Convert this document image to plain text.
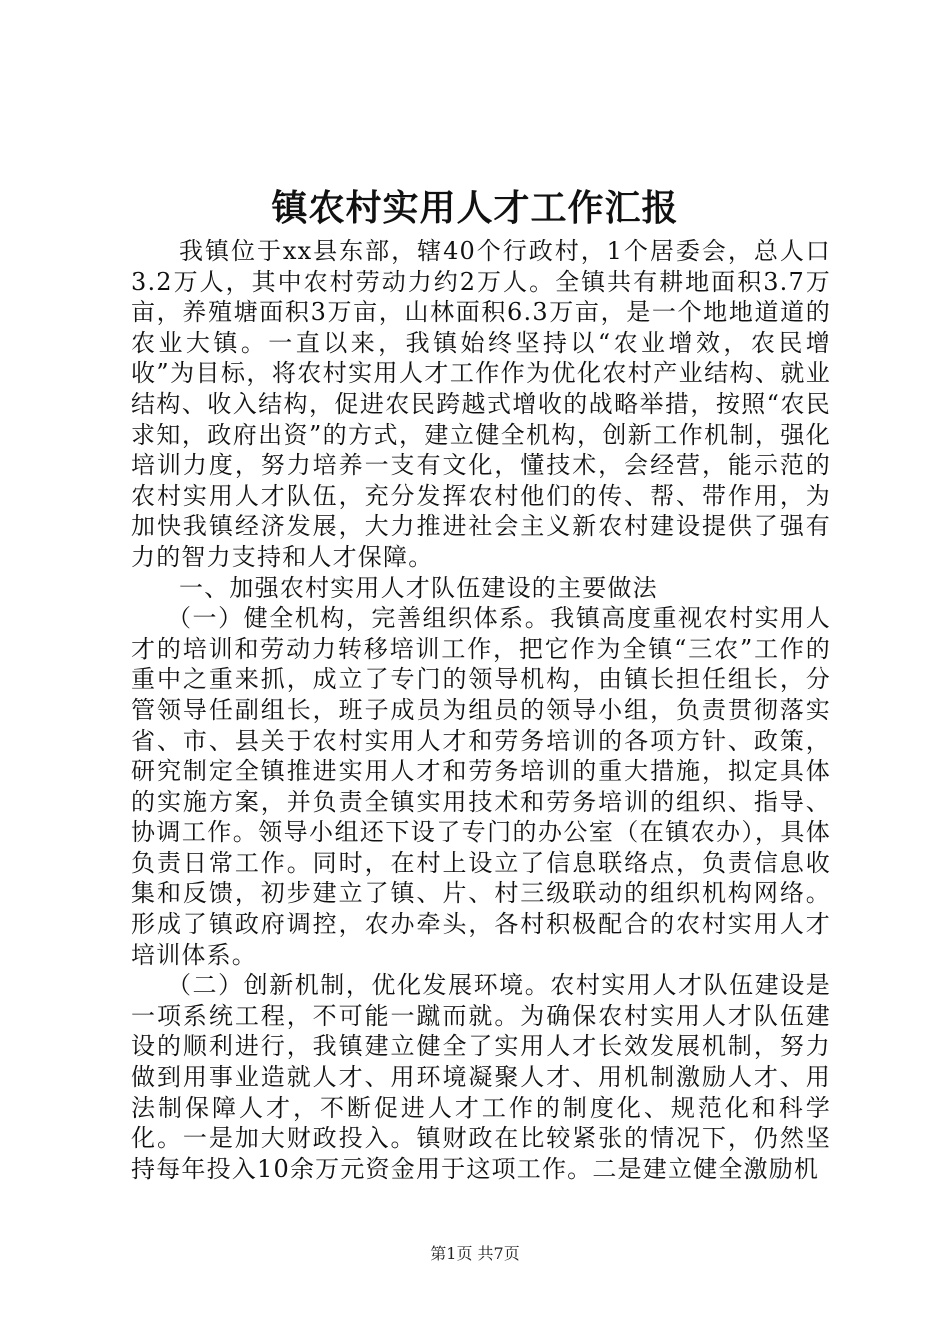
镇农村实用人才工作汇报

我镇位于xx县东部，辖40个行政村，1个居委会，总人口3.2万人，其中农村劳动力约2万人。全镇共有耕地面积3.7万亩，养殖塘面积3万亩，山林面积6.3万亩，是一个地地道道的农业大镇。一直以来，我镇始终坚持以“农业增效，农民增收”为目标，将农村实用人才工作作为优化农村产业结构、就业结构、收入结构，促进农民跨越式增收的战略举措，按照“农民求知，政府出资”的方式，建立健全机构，创新工作机制，强化培训力度，努力培养一支有文化，懂技术，会经营，能示范的农村实用人才队伍，充分发挥农村他们的传、帮、带作用，为加快我镇经济发展，大力推进社会主义新农村建设提供了强有力的智力支持和人才保障。

一、加强农村实用人才队伍建设的主要做法

（一）健全机构，完善组织体系。我镇高度重视农村实用人才的培训和劳动力转移培训工作，把它作为全镇“三农”工作的重中之重来抓，成立了专门的领导机构，由镇长担任组长，分管领导任副组长，班子成员为组员的领导小组，负责贯彻落实省、市、县关于农村实用人才和劳务培训的各项方针、政策，研究制定全镇推进实用人才和劳务培训的重大措施，拟定具体的实施方案，并负责全镇实用技术和劳务培训的组织、指导、协调工作。领导小组还下设了专门的办公室（在镇农办），具体负责日常工作。同时，在村上设立了信息联络点，负责信息收集和反馈，初步建立了镇、片、村三级联动的组织机构网络。形成了镇政府调控，农办牵头，各村积极配合的农村实用人才培训体系。

（二）创新机制，优化发展环境。农村实用人才队伍建设是一项系统工程，不可能一蹴而就。为确保农村实用人才队伍建设的顺利进行，我镇建立健全了实用人才长效发展机制，努力做到用事业造就人才、用环境凝聚人才、用机制激励人才、用法制保障人才，不断促进人才工作的制度化、规范化和科学化。一是加大财政投入。镇财政在比较紧张的情况下，仍然坚持每年投入10余万元资金用于这项工作。二是建立健全激励机

第1页 共7页
